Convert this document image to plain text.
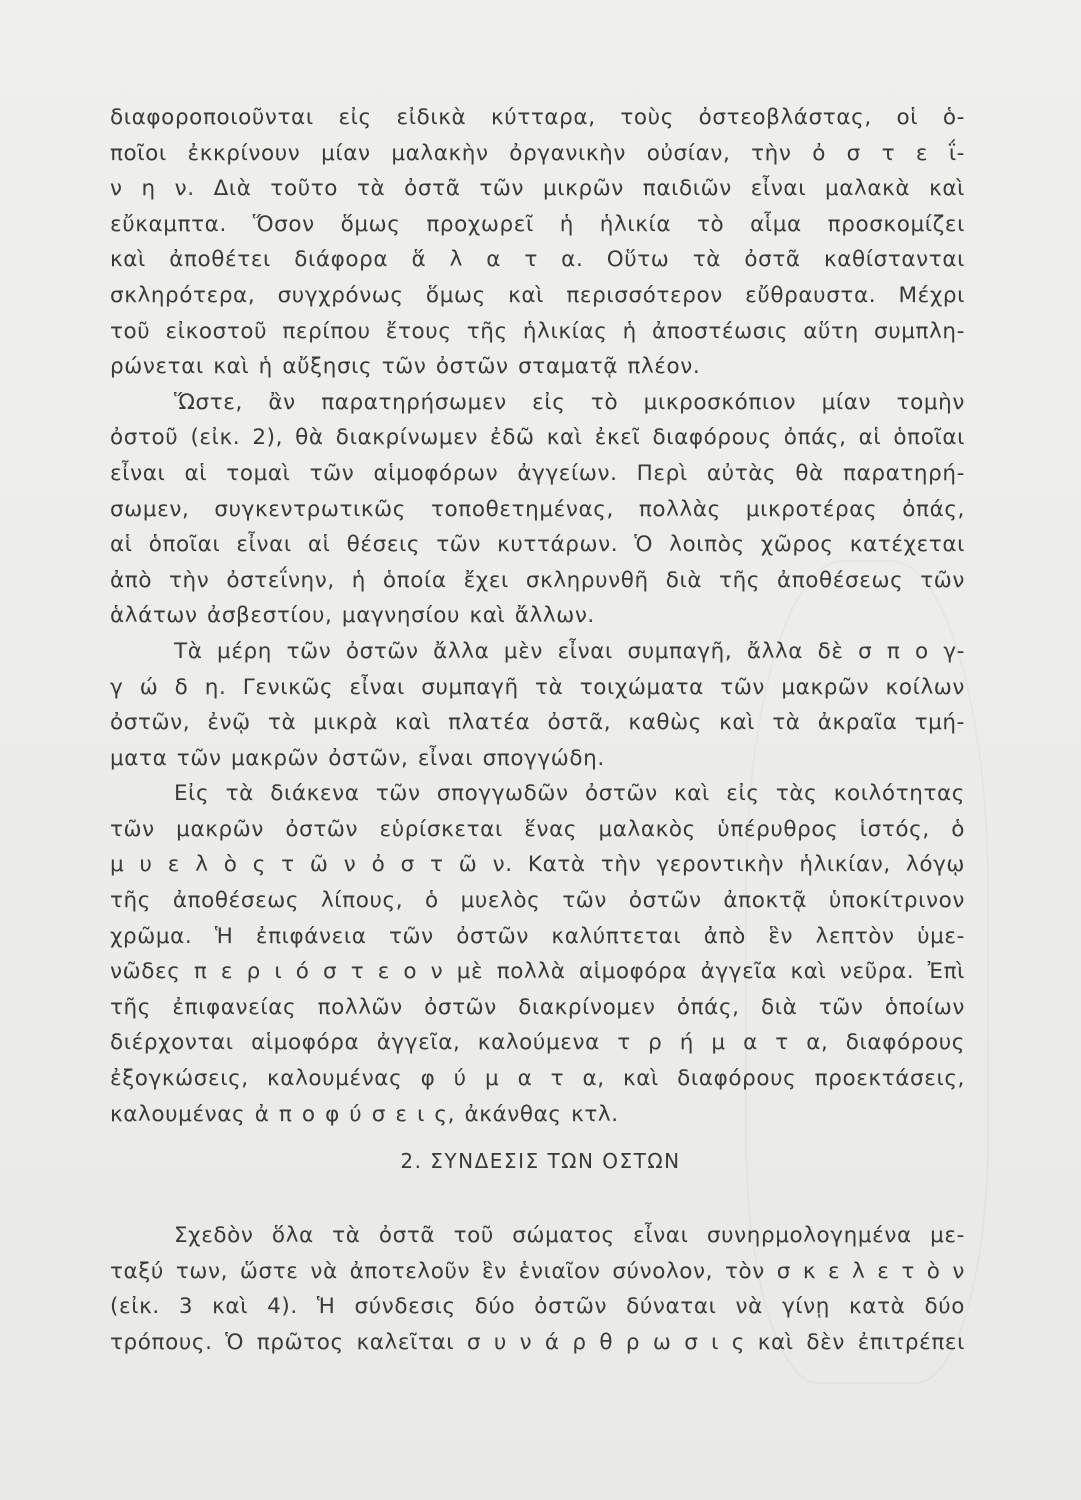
διαφοροποιοῦνται εἰς εἰδικὰ κύτταρα, τοὺς ὀστεοβλάστας, οἱ ὁ-
ποῖοι ἐκκρίνουν μίαν μαλακὴν ὀργανικὴν οὐσίαν, τὴν ὀ σ τ ε ΐ-
ν η ν. Διὰ τοῦτο τὰ ὀστᾶ τῶν μικρῶν παιδιῶν εἶναι μαλακὰ καὶ
εὔκαμπτα. Ὅσον ὅμως προχωρεῖ ἡ ἡλικία τὸ αἷμα προσκομίζει
καὶ ἀποθέτει διάφορα ἅ λ α τ α. Οὕτω τὰ ὀστᾶ καθίστανται
σκληρότερα, συγχρόνως ὅμως καὶ περισσότερον εὔθραυστα. Μέχρι
τοῦ εἰκοστοῦ περίπου ἔτους τῆς ἡλικίας ἡ ἀποστέωσις αὕτη συμπλη-
ρώνεται καὶ ἡ αὔξησις τῶν ὀστῶν σταματᾷ πλέον.
Ὥστε, ἂν παρατηρήσωμεν εἰς τὸ μικροσκόπιον μίαν τομὴν
ὀστοῦ (εἰκ. 2), θὰ διακρίνωμεν ἐδῶ καὶ ἐκεῖ διαφόρους ὀπάς, αἱ ὁποῖαι
εἶναι αἱ τομαὶ τῶν αἱμοφόρων ἀγγείων. Περὶ αὐτὰς θὰ παρατηρή-
σωμεν, συγκεντρωτικῶς τοποθετημένας, πολλὰς μικροτέρας ὀπάς,
αἱ ὁποῖαι εἶναι αἱ θέσεις τῶν κυττάρων. Ὁ λοιπὸς χῶρος κατέχεται
ἀπὸ τὴν ὀστεΐνην, ἡ ὁποία ἔχει σκληρυνθῆ διὰ τῆς ἀποθέσεως τῶν
ἁλάτων ἀσβεστίου, μαγνησίου καὶ ἄλλων.
Τὰ μέρη τῶν ὀστῶν ἄλλα μὲν εἶναι συμπαγῆ, ἄλλα δὲ σ π ο γ-
γ ώ δ η. Γενικῶς εἶναι συμπαγῆ τὰ τοιχώματα τῶν μακρῶν κοίλων
ὀστῶν, ἐνῷ τὰ μικρὰ καὶ πλατέα ὀστᾶ, καθὼς καὶ τὰ ἀκραῖα τμή-
ματα τῶν μακρῶν ὀστῶν, εἶναι σπογγώδη.
Εἰς τὰ διάκενα τῶν σπογγωδῶν ὀστῶν καὶ εἰς τὰς κοιλότητας
τῶν μακρῶν ὀστῶν εὑρίσκεται ἕνας μαλακὸς ὑπέρυθρος ἱστός, ὁ
μ υ ε λ ὸ ς τ ῶ ν ὀ σ τ ῶ ν. Κατὰ τὴν γεροντικὴν ἡλικίαν, λόγῳ
τῆς ἀποθέσεως λίπους, ὁ μυελὸς τῶν ὀστῶν ἀποκτᾷ ὑποκίτρινον
χρῶμα. Ἡ ἐπιφάνεια τῶν ὀστῶν καλύπτεται ἀπὸ ἓν λεπτὸν ὑμε-
νῶδες π ε ρ ι ό σ τ ε ο ν μὲ πολλὰ αἱμοφόρα ἀγγεῖα καὶ νεῦρα. Ἐπὶ
τῆς ἐπιφανείας πολλῶν ὀστῶν διακρίνομεν ὀπάς, διὰ τῶν ὁποίων
διέρχονται αἱμοφόρα ἀγγεῖα, καλούμενα τ ρ ή μ α τ α, διαφόρους
ἐξογκώσεις, καλουμένας φ ύ μ α τ α, καὶ διαφόρους προεκτάσεις,
καλουμένας ἀ π ο φ ύ σ ε ι ς, ἀκάνθας κτλ.
2. ΣΥΝΔΕΣΙΣ ΤΩΝ ΟΣΤΩΝ
Σχεδὸν ὅλα τὰ ὀστᾶ τοῦ σώματος εἶναι συνηρμολογημένα με-
ταξύ των, ὥστε νὰ ἀποτελοῦν ἓν ἑνιαῖον σύνολον, τὸν σ κ ε λ ε τ ὸ ν
(εἰκ. 3 καὶ 4). Ἡ σύνδεσις δύο ὀστῶν δύναται νὰ γίνῃ κατὰ δύο
τρόπους. Ὁ πρῶτος καλεῖται σ υ ν ά ρ θ ρ ω σ ι ς καὶ δὲν ἐπιτρέπει
